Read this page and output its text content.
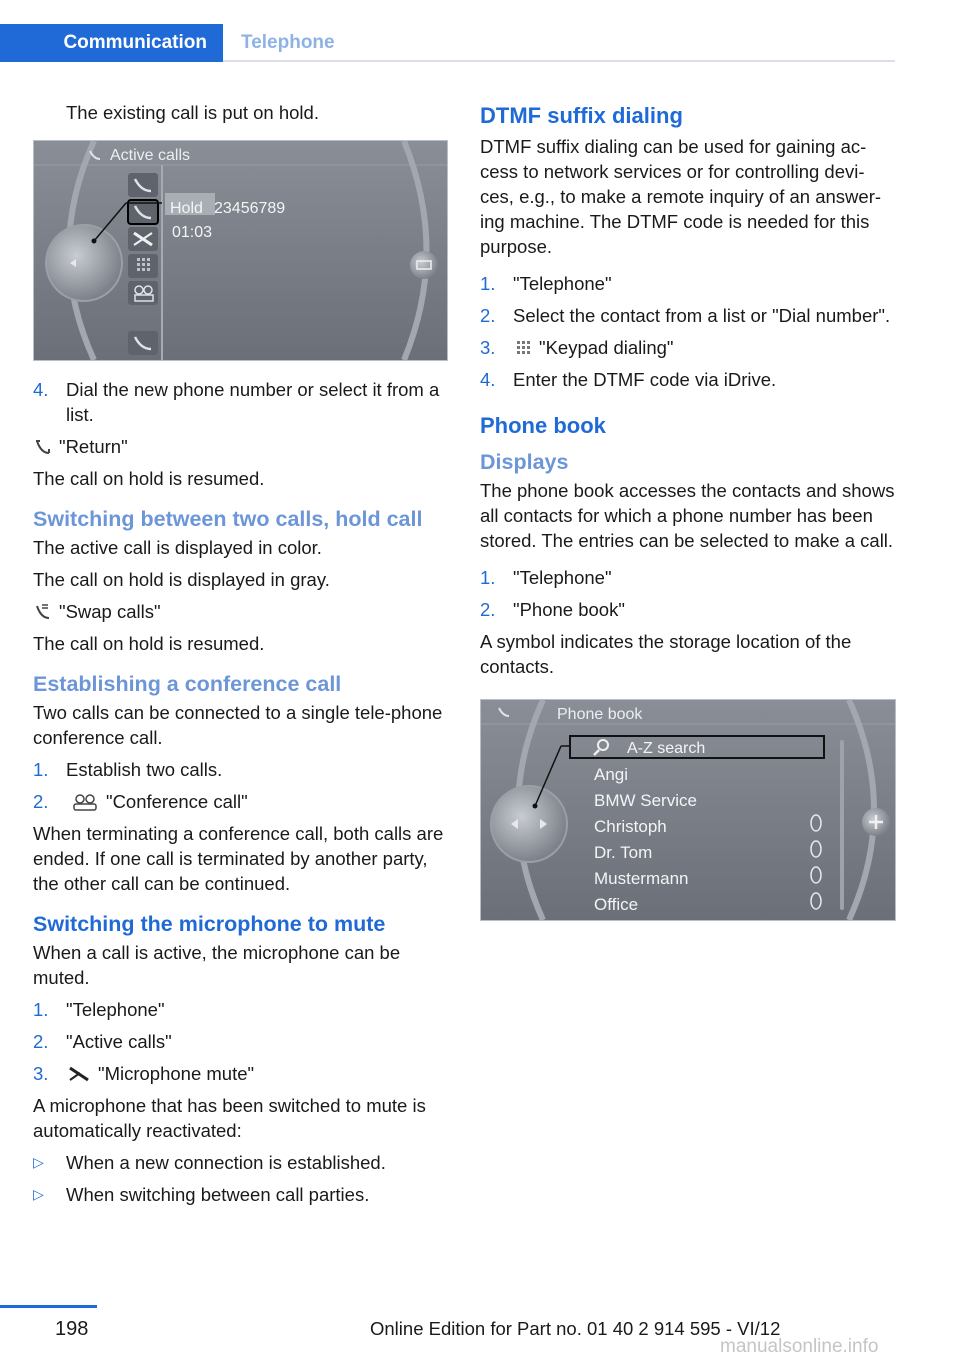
Communication	Telephone

The existing call is put on hold.

Active calls
Hold 23456789
01:03
4. Dial the new phone number or select it from a list.

"Return"

The call on hold is resumed.

Switching between two calls, hold call

The active call is displayed in color.

The call on hold is displayed in gray.

"Swap calls"

The call on hold is resumed.

Establishing a conference call

Two calls can be connected to a single tele‐phone conference call.

1. Establish two calls.
2.	"Conference call"

When terminating a conference call, both calls are ended. If one call is terminated by another party, the other call can be continued.

Switching the microphone to mute

When a call is active, the microphone can be muted.

1. "Telephone"
2. "Active calls"
3.	"Microphone mute"

A microphone that has been switched to mute is automatically reactivated:

▷ When a new connection is established.
▷ When switching between call parties.
DTMF suffix dialing

DTMF suffix dialing can be used for gaining ac‐cess to network services or for controlling devi‐ces, e.g., to make a remote inquiry of an answer‐ing machine. The DTMF code is needed for this purpose.

1. "Telephone"
2. Select the contact from a list or "Dial number".
3. "Keypad dialing"
4. Enter the DTMF code via iDrive.
Phone book
Displays

The phone book accesses the contacts and shows all contacts for which a phone number has been stored. The entries can be selected to make a call.

1. "Telephone"
2. "Phone book"

A symbol indicates the storage location of the contacts.

Phone book
A-Z search
Angi
BMW Service
Christoph
Dr. Tom
Mustermann
Office
198	Online Edition for Part no. 01 40 2 914 595 - VI/12
manualsonline.info
